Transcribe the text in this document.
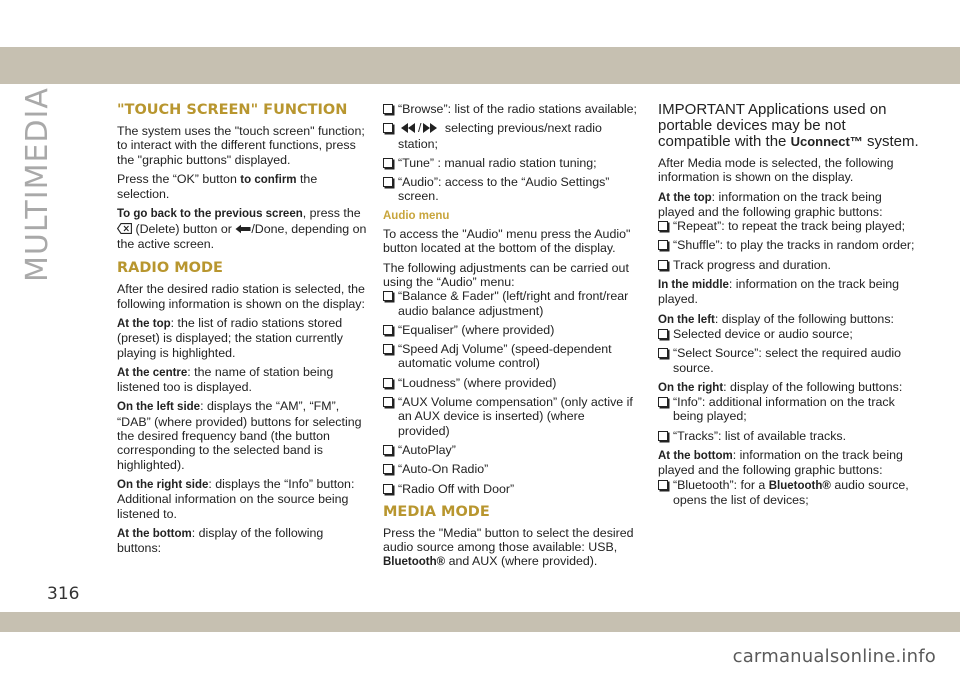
MULTIMEDIA
316
carmanualsonline.info

"TOUCH SCREEN" FUNCTION

The system uses the "touch screen" function; to interact with the different functions, press the "graphic buttons" displayed.

Press the “OK” button to confirm the selection.

To go back to the previous screen, press the  (Delete) button or /Done, depending on the active screen.

RADIO MODE

After the desired radio station is selected, the following information is shown on the display:

At the top: the list of radio stations stored (preset) is displayed; the station currently playing is highlighted.

At the centre: the name of station being listened too is displayed.

On the left side: displays the “AM”, “FM”, “DAB” (where provided) buttons for selecting the desired frequency band (the button corresponding to the selected band is highlighted).

On the right side: displays the “Info” button: Additional information on the source being listened to.

At the bottom: display of the following buttons:

“Browse”: list of the radio stations available;

/ selecting previous/next radio station;

“Tune” : manual radio station tuning;

“Audio”: access to the “Audio Settings” screen.

Audio menu

To access the "Audio" menu press the Audio" button located at the bottom of the display.

The following adjustments can be carried out using the “Audio” menu:

“Balance & Fader" (left/right and front/rear audio balance adjustment)

“Equaliser” (where provided)

“Speed Adj Volume” (speed-dependent automatic volume control)

“Loudness” (where provided)

“AUX Volume compensation” (only active if an AUX device is inserted) (where provided)

“AutoPlay”

“Auto-On Radio”

“Radio Off with Door”

MEDIA MODE

Press the "Media" button to select the desired audio source among those available: USB, Bluetooth® and AUX (where provided).

IMPORTANT Applications used on portable devices may be not compatible with the Uconnect™ system.

After Media mode is selected, the following information is shown on the display.

At the top: information on the track being played and the following graphic buttons:

“Repeat”: to repeat the track being played;

“Shuffle”: to play the tracks in random order;

Track progress and duration.

In the middle: information on the track being played.

On the left: display of the following buttons:

Selected device or audio source;

“Select Source”: select the required audio source.

On the right: display of the following buttons:

“Info”: additional information on the track being played;

“Tracks”: list of available tracks.

At the bottom: information on the track being played and the following graphic buttons:

“Bluetooth”: for a Bluetooth® audio source, opens the list of devices;
